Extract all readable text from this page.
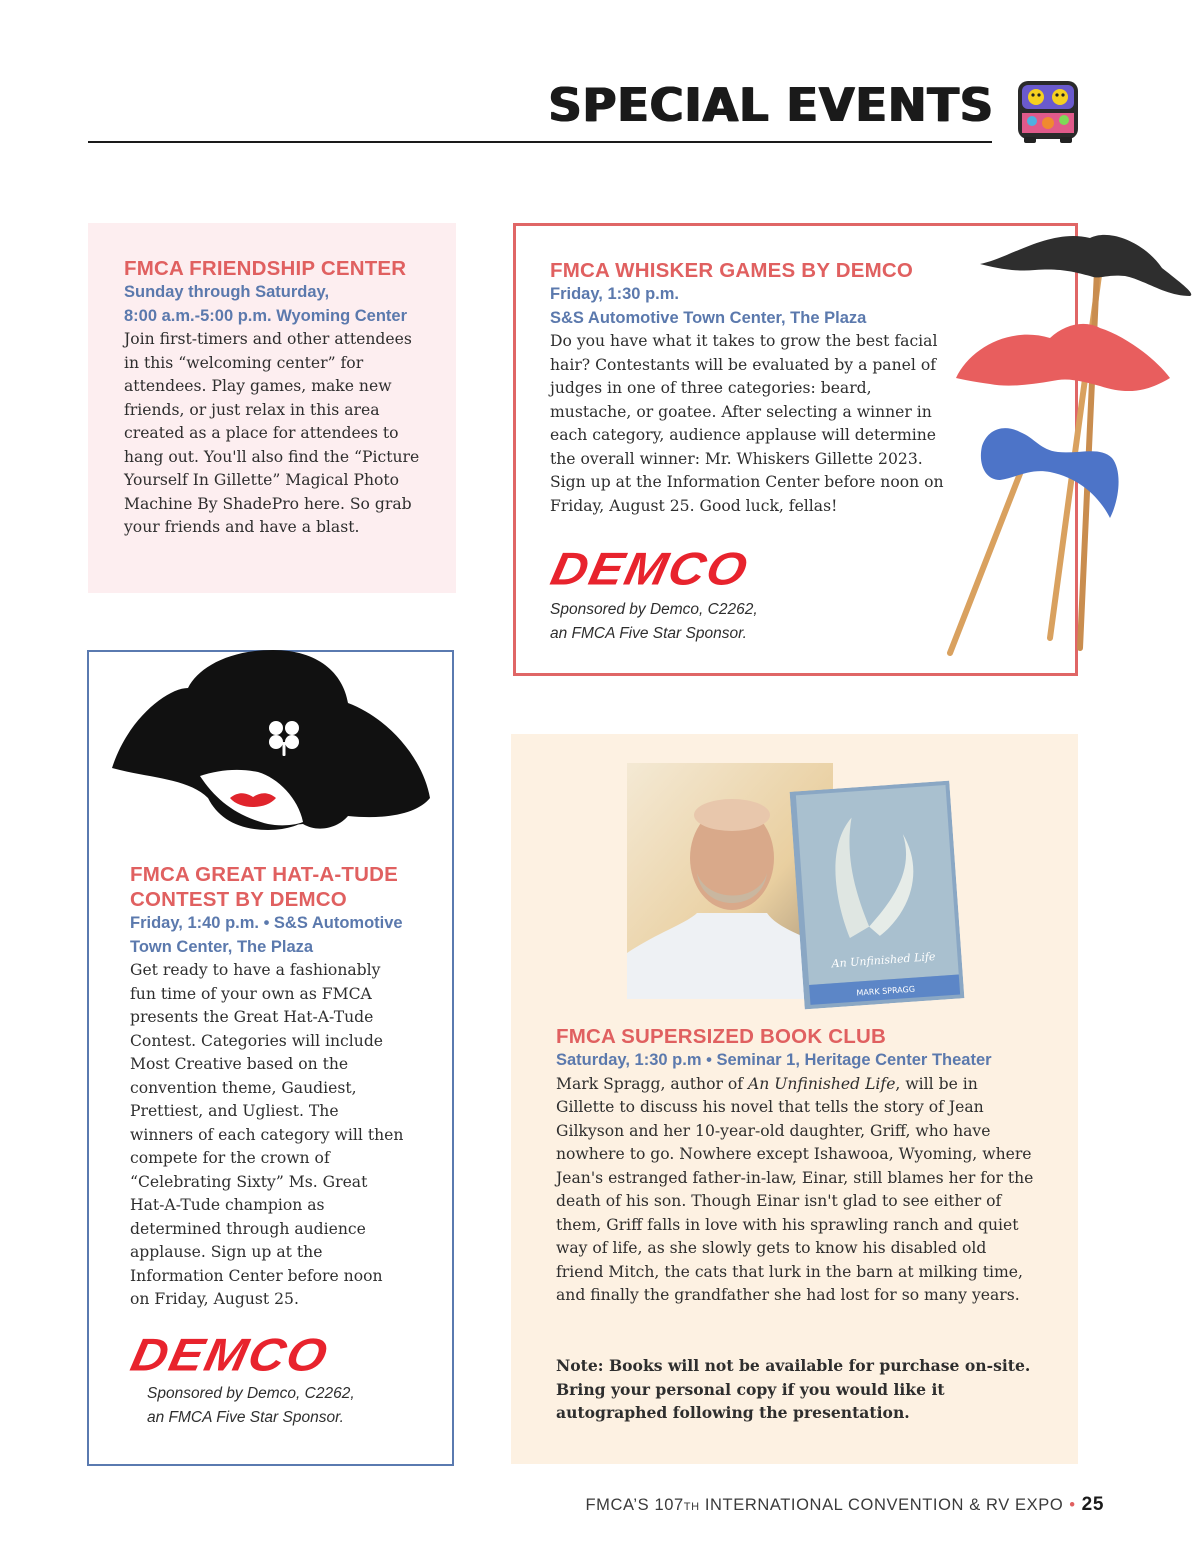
SPECIAL EVENTS
FMCA FRIENDSHIP CENTER
Sunday through Saturday,
8:00 a.m.-5:00 p.m. Wyoming Center
Join first-timers and other attendees in this “welcoming center” for attendees. Play games, make new friends, or just relax in this area created as a place for attendees to hang out. You'll also find the “Picture Yourself In Gillette” Magical Photo Machine By ShadePro here. So grab your friends and have a blast.
FMCA WHISKER GAMES BY DEMCO
Friday, 1:30 p.m.
S&S Automotive Town Center, The Plaza
Do you have what it takes to grow the best facial hair? Contestants will be evaluated by a panel of judges in one of three categories: beard, mustache, or goatee. After selecting a winner in each category, audience applause will determine the overall winner: Mr. Whiskers Gillette 2023. Sign up at the Information Center before noon on Friday, August 25. Good luck, fellas!
DEMCO
Sponsored by Demco, C2262,
an FMCA Five Star Sponsor.
FMCA GREAT HAT-A-TUDE
CONTEST BY DEMCO
Friday, 1:40 p.m. • S&S Automotive
Town Center, The Plaza
Get ready to have a fashionably fun time of your own as FMCA presents the Great Hat-A-Tude Contest. Categories will include Most Creative based on the convention theme, Gaudiest, Prettiest, and Ugliest. The winners of each category will then compete for the crown of “Celebrating Sixty” Ms. Great Hat-A-Tude champion as determined through audience applause. Sign up at the Information Center before noon on Friday, August 25.
DEMCO
Sponsored by Demco, C2262,
an FMCA Five Star Sponsor.
An Unfinished Life
MARK SPRAGG
FMCA SUPERSIZED BOOK CLUB
Saturday, 1:30 p.m • Seminar 1, Heritage Center Theater
Mark Spragg, author of An Unfinished Life, will be in Gillette to discuss his novel that tells the story of Jean Gilkyson and her 10-year-old daughter, Griff, who have nowhere to go. Nowhere except Ishawooa, Wyoming, where Jean's estranged father-in-law, Einar, still blames her for the death of his son. Though Einar isn't glad to see either of them, Griff falls in love with his sprawling ranch and quiet way of life, as she slowly gets to know his disabled old friend Mitch, the cats that lurk in the barn at milking time, and finally the grandfather she had lost for so many years.
Note: Books will not be available for purchase on-site. Bring your personal copy if you would like it autographed following the presentation.
FMCA’S 107TH INTERNATIONAL CONVENTION & RV EXPO • 25
